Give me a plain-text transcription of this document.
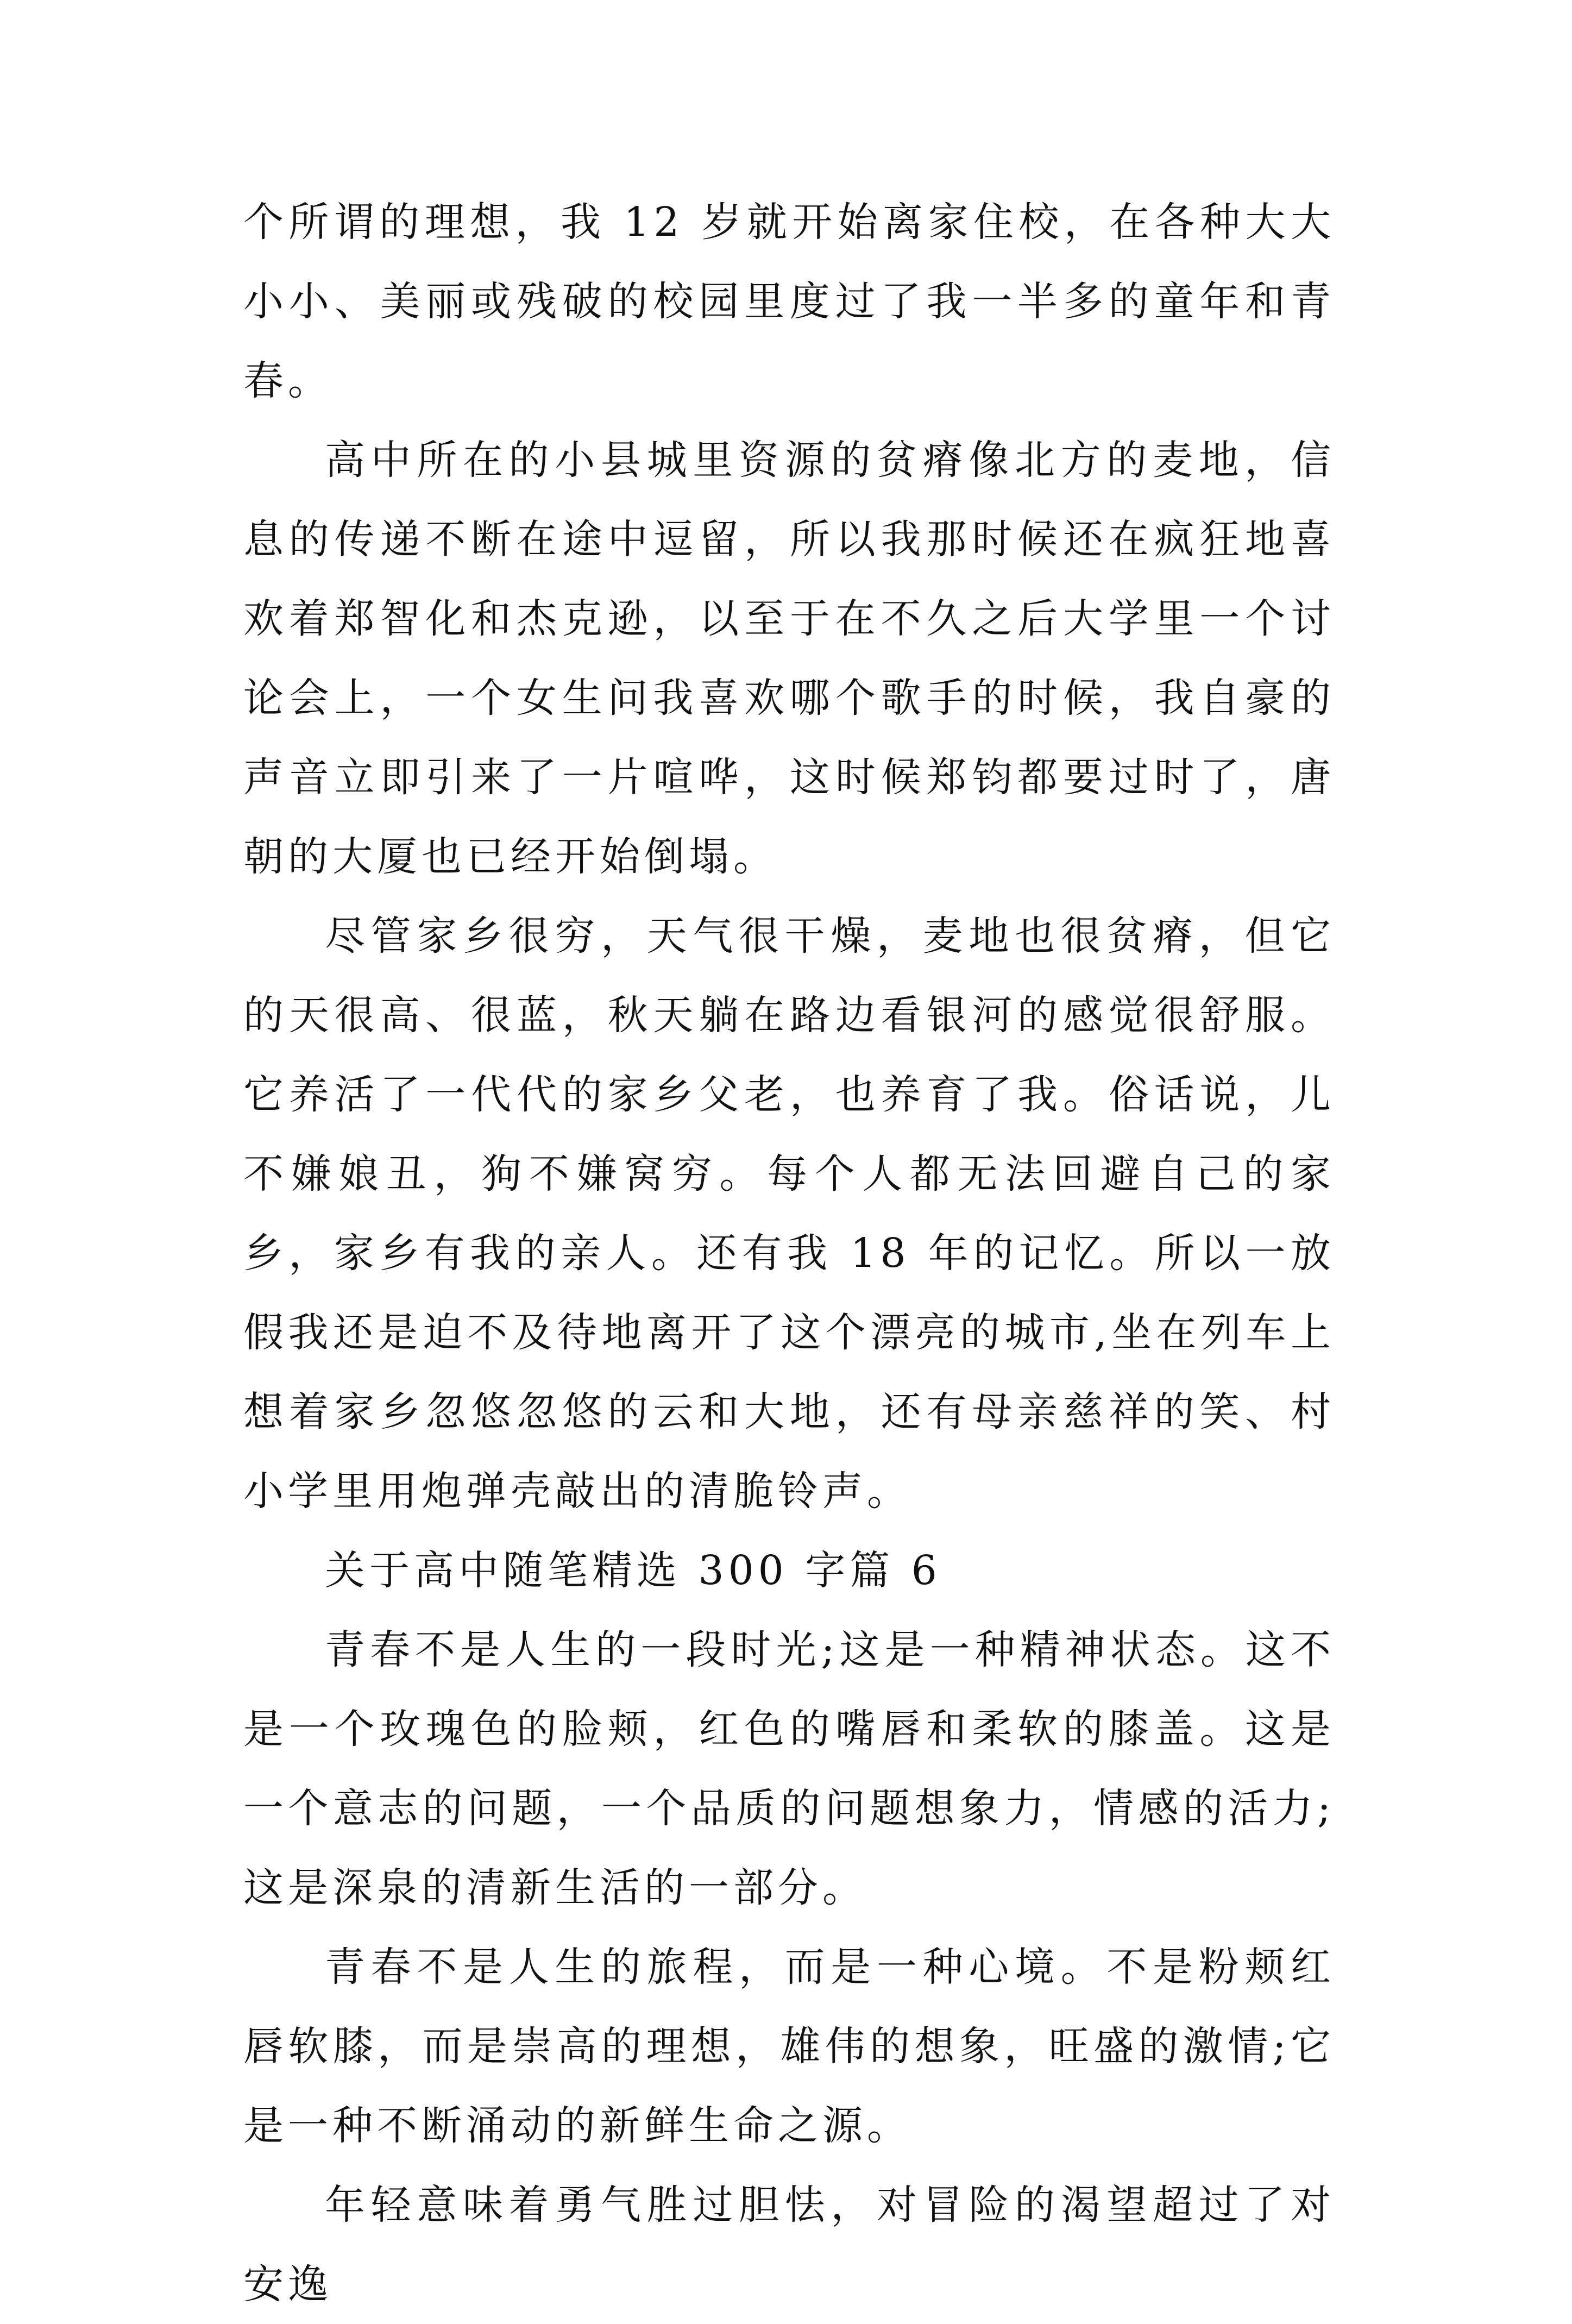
个所谓的理想，我 12 岁就开始离家住校，在各种大大小小、美丽或残破的校园里度过了我一半多的童年和青春。

高中所在的小县城里资源的贫瘠像北方的麦地，信息的传递不断在途中逗留，所以我那时候还在疯狂地喜欢着郑智化和杰克逊，以至于在不久之后大学里一个讨论会上，一个女生问我喜欢哪个歌手的时候，我自豪的声音立即引来了一片喧哗，这时候郑钧都要过时了，唐朝的大厦也已经开始倒塌。

尽管家乡很穷，天气很干燥，麦地也很贫瘠，但它的天很高、很蓝，秋天躺在路边看银河的感觉很舒服。它养活了一代代的家乡父老，也养育了我。俗话说，儿不嫌娘丑，狗不嫌窝穷。每个人都无法回避自己的家乡，家乡有我的亲人。还有我 18 年的记忆。所以一放假我还是迫不及待地离开了这个漂亮的城市,坐在列车上想着家乡忽悠忽悠的云和大地，还有母亲慈祥的笑、村小学里用炮弹壳敲出的清脆铃声。

关于高中随笔精选 300 字篇 6

青春不是人生的一段时光;这是一种精神状态。这不是一个玫瑰色的脸颊，红色的嘴唇和柔软的膝盖。这是一个意志的问题，一个品质的问题想象力，情感的活力;这是深泉的清新生活的一部分。

青春不是人生的旅程，而是一种心境。不是粉颊红唇软膝，而是崇高的理想，雄伟的想象，旺盛的激情;它是一种不断涌动的新鲜生命之源。

年轻意味着勇气胜过胆怯，对冒险的渴望超过了对安逸
